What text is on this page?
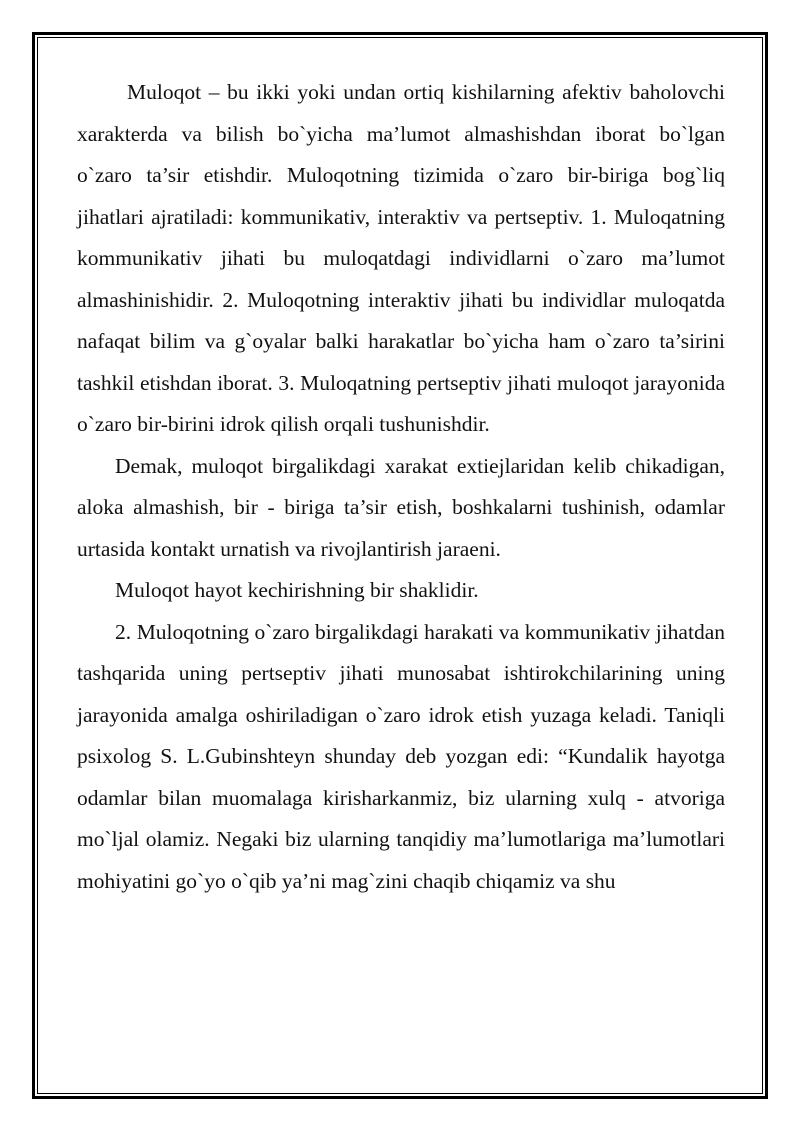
Muloqot – bu ikki yoki undan ortiq kishilarning afektiv baholovchi xarakterda va bilish bo`yicha ma’lumot almashishdan iborat bo`lgan o`zaro ta’sir etishdir. Muloqotning tizimida o`zaro bir-biriga bog`liq jihatlari ajratiladi: kommunikativ, interaktiv va pertseptiv. 1. Muloqatning kommunikativ jihati bu muloqatdagi individlarni o`zaro ma’lumot almashinishidir. 2. Muloqotning interaktiv jihati bu individlar muloqatda nafaqat bilim va g`oyalar balki harakatlar bo`yicha ham o`zaro ta’sirini tashkil etishdan iborat. 3. Muloqatning pertseptiv jihati muloqot jarayonida o`zaro bir-birini idrok qilish orqali tushunishdir.

Demak, muloqot birgalikdagi xarakat extiejlaridan kelib chikadigan, aloka almashish, bir - biriga ta’sir etish, boshkalarni tushinish, odamlar urtasida kontakt urnatish va rivojlantirish jaraeni.

Muloqot hayot kechirishning bir shaklidir.

2. Muloqotning o`zaro birgalikdagi harakati va kommunikativ jihatdan tashqarida uning pertseptiv jihati munosabat ishtirokchilarining uning jarayonida amalga oshiriladigan o`zaro idrok etish yuzaga keladi. Taniqli psixolog S. L.Gubinshteyn shunday deb yozgan edi: “Kundalik hayotga odamlar bilan muomalaga kirisharkanmiz, biz ularning xulq - atvoriga mo`ljal olamiz. Negaki biz ularning tanqidiy ma’lumotlariga ma’lumotlari mohiyatini go`yo o`qib ya’ni mag`zini chaqib chiqamiz va shu
